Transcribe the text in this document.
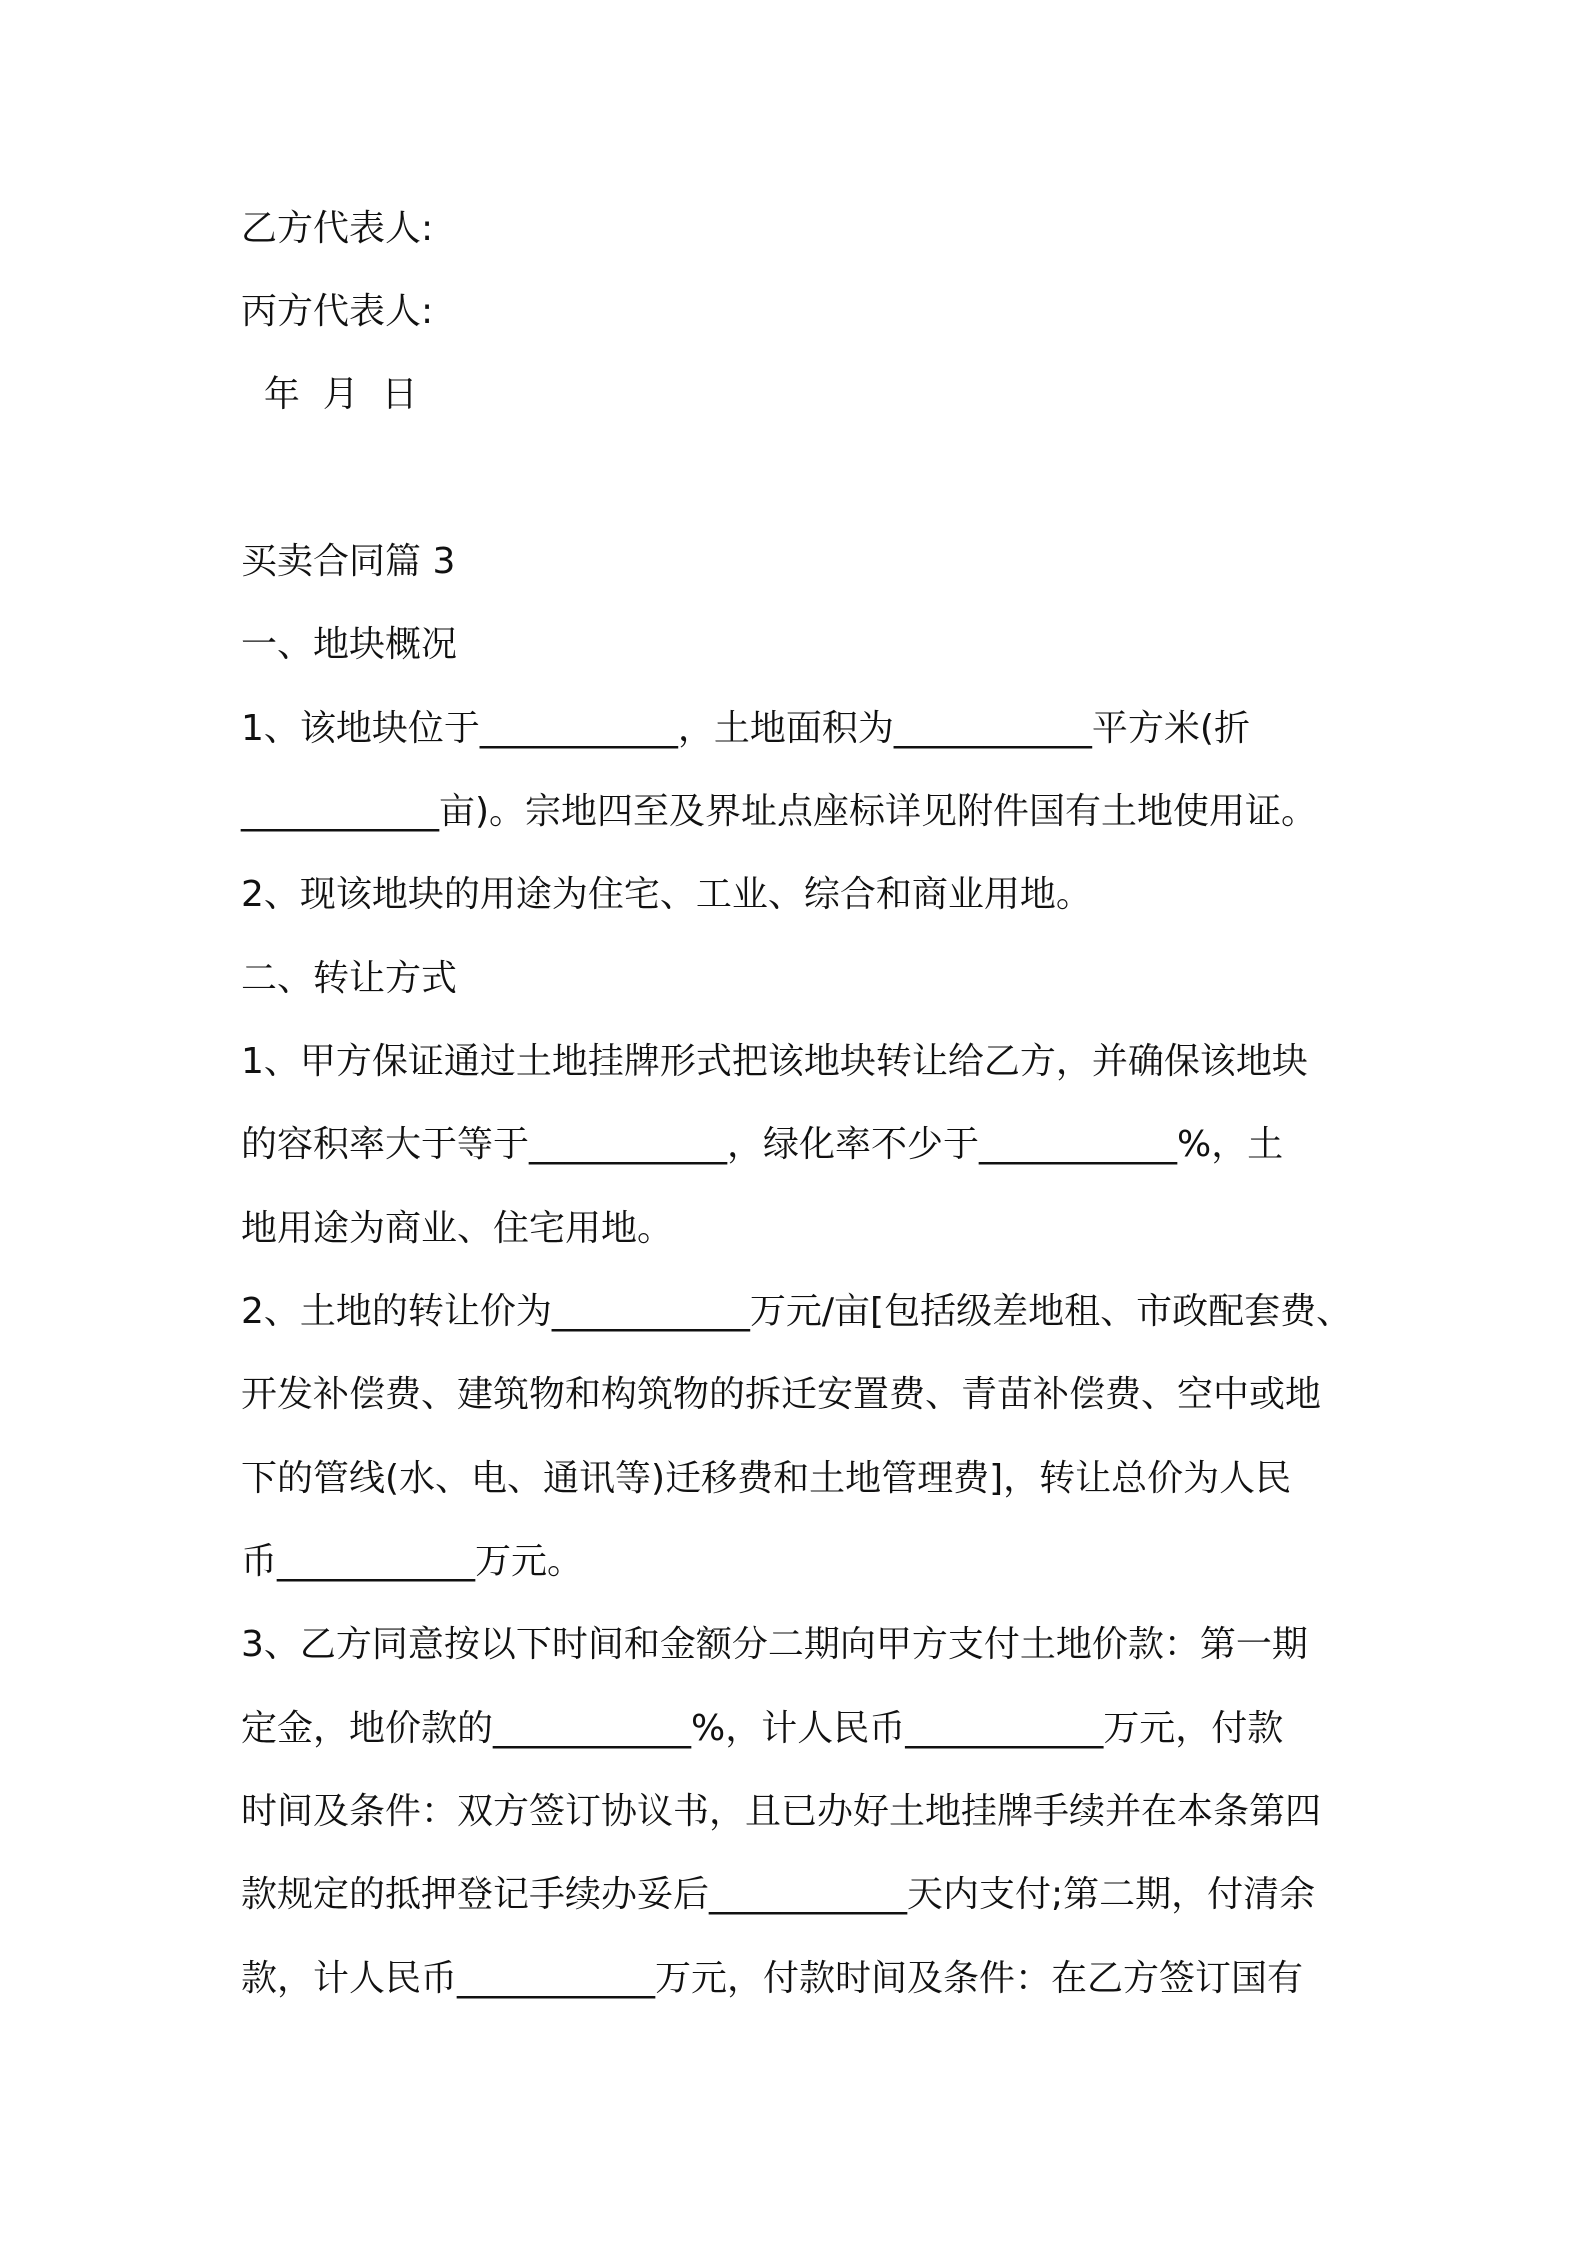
乙方代表人:
丙方代表人:
年  月  日
买卖合同篇 3
一、地块概况
1、该地块位于___________，土地面积为___________平方米(折
___________亩)。宗地四至及界址点座标详见附件国有土地使用证。
2、现该地块的用途为住宅、工业、综合和商业用地。
二、转让方式
1、甲方保证通过土地挂牌形式把该地块转让给乙方，并确保该地块
的容积率大于等于___________，绿化率不少于___________%，土
地用途为商业、住宅用地。
2、土地的转让价为___________万元/亩[包括级差地租、市政配套费、
开发补偿费、建筑物和构筑物的拆迁安置费、青苗补偿费、空中或地
下的管线(水、电、通讯等)迁移费和土地管理费]，转让总价为人民
币___________万元。
3、乙方同意按以下时间和金额分二期向甲方支付土地价款：第一期
定金，地价款的___________%，计人民币___________万元，付款
时间及条件：双方签订协议书，且已办好土地挂牌手续并在本条第四
款规定的抵押登记手续办妥后___________天内支付;第二期，付清余
款，计人民币___________万元，付款时间及条件：在乙方签订国有
